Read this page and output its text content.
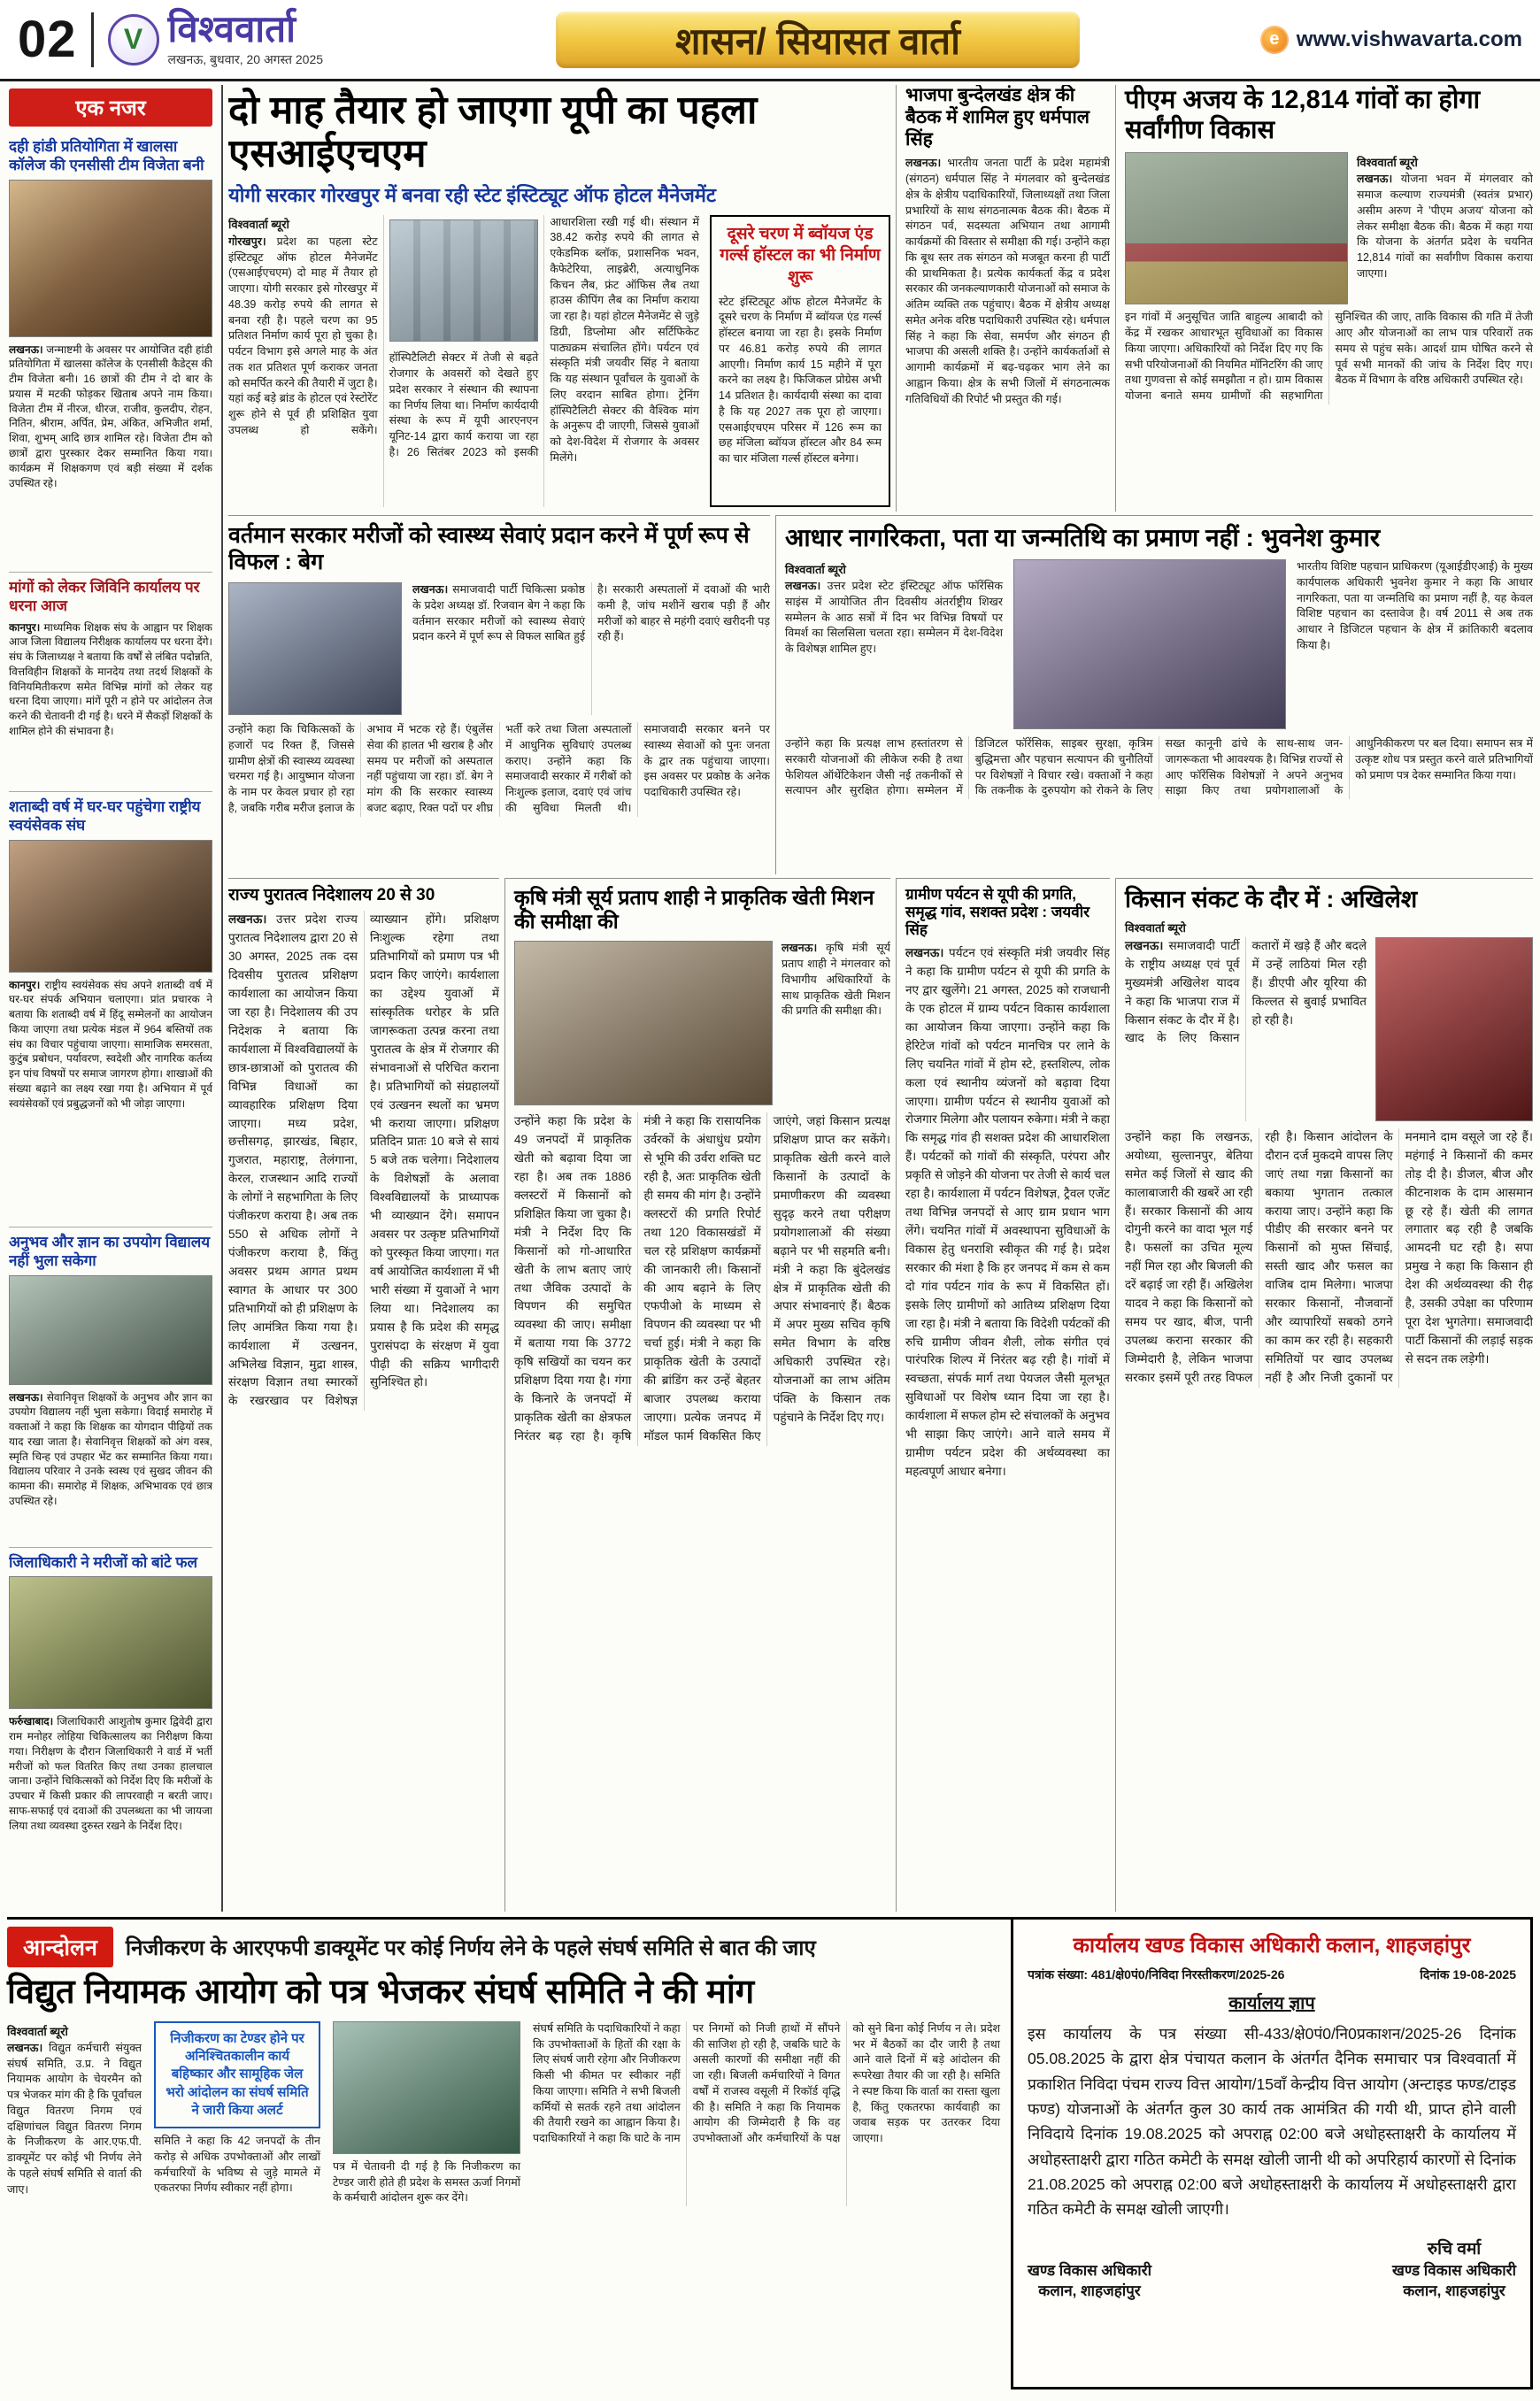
02	V विश्ववार्ता
लखनऊ, बुधवार, 20 अगस्त 2025	शासन/ सियासत वार्ता	e www.vishwavarta.com
एक नजर
दही हांडी प्रतियोगिता में खालसा कॉलेज की एनसीसी टीम विजेता बनी

लखनऊ। जन्माष्टमी के अवसर पर आयोजित दही हांडी प्रतियोगिता में खालसा कॉलेज के एनसीसी कैडेट्स की टीम विजेता बनी। 16 छात्रों की टीम ने दो बार के प्रयास में मटकी फोड़कर खिताब अपने नाम किया। विजेता टीम में नीरज, धीरज, राजीव, कुलदीप, रोहन, नितिन, श्रीराम, अर्पित, प्रेम, अंकित, अभिजीत शर्मा, शिवा, शुभम् आदि छात्र शामिल रहे। विजेता टीम को छात्रों द्वारा पुरस्कार देकर सम्मानित किया गया। कार्यक्रम में शिक्षकगण एवं बड़ी संख्या में दर्शक उपस्थित रहे।

मांगों को लेकर जिविनि कार्यालय पर धरना आज

कानपुर। माध्यमिक शिक्षक संघ के आह्वान पर शिक्षक आज जिला विद्यालय निरीक्षक कार्यालय पर धरना देंगे। संघ के जिलाध्यक्ष ने बताया कि वर्षों से लंबित पदोन्नति, वित्तविहीन शिक्षकों के मानदेय तथा तदर्थ शिक्षकों के विनियमितीकरण समेत विभिन्न मांगों को लेकर यह धरना दिया जाएगा। मांगें पूरी न होने पर आंदोलन तेज करने की चेतावनी दी गई है। धरने में सैकड़ों शिक्षकों के शामिल होने की संभावना है।

शताब्दी वर्ष में घर-घर पहुंचेगा राष्ट्रीय स्वयंसेवक संघ

कानपुर। राष्ट्रीय स्वयंसेवक संघ अपने शताब्दी वर्ष में घर-घर संपर्क अभियान चलाएगा। प्रांत प्रचारक ने बताया कि शताब्दी वर्ष में हिंदू सम्मेलनों का आयोजन किया जाएगा तथा प्रत्येक मंडल में 964 बस्तियों तक संघ का विचार पहुंचाया जाएगा। सामाजिक समरसता, कुटुंब प्रबोधन, पर्यावरण, स्वदेशी और नागरिक कर्तव्य इन पांच विषयों पर समाज जागरण होगा। शाखाओं की संख्या बढ़ाने का लक्ष्य रखा गया है। अभियान में पूर्व स्वयंसेवकों एवं प्रबुद्धजनों को भी जोड़ा जाएगा।

अनुभव और ज्ञान का उपयोग विद्यालय नहीं भुला सकेगा

लखनऊ। सेवानिवृत्त शिक्षकों के अनुभव और ज्ञान का उपयोग विद्यालय नहीं भुला सकेगा। विदाई समारोह में वक्ताओं ने कहा कि शिक्षक का योगदान पीढ़ियों तक याद रखा जाता है। सेवानिवृत्त शिक्षकों को अंग वस्त्र, स्मृति चिन्ह एवं उपहार भेंट कर सम्मानित किया गया। विद्यालय परिवार ने उनके स्वस्थ एवं सुखद जीवन की कामना की। समारोह में शिक्षक, अभिभावक एवं छात्र उपस्थित रहे।

जिलाधिकारी ने मरीजों को बांटे फल

फर्रुखाबाद। जिलाधिकारी आशुतोष कुमार द्विवेदी द्वारा राम मनोहर लोहिया चिकित्सालय का निरीक्षण किया गया। निरीक्षण के दौरान जिलाधिकारी ने वार्ड में भर्ती मरीजों को फल वितरित किए तथा उनका हालचाल जाना। उन्होंने चिकित्सकों को निर्देश दिए कि मरीजों के उपचार में किसी प्रकार की लापरवाही न बरती जाए। साफ-सफाई एवं दवाओं की उपलब्धता का भी जायजा लिया तथा व्यवस्था दुरुस्त रखने के निर्देश दिए।

दो माह तैयार हो जाएगा यूपी का पहला एसआईएचएम
योगी सरकार गोरखपुर में बनवा रही स्टेट इंस्टिट्यूट ऑफ होटल मैनेजमेंट
विश्ववार्ता ब्यूरो
गोरखपुर। प्रदेश का पहला स्टेट इंस्टिट्यूट ऑफ होटल मैनेजमेंट (एसआईएचएम) दो माह में तैयार हो जाएगा। योगी सरकार इसे गोरखपुर में 48.39 करोड़ रुपये की लागत से बनवा रही है। पहले चरण का 95 प्रतिशत निर्माण कार्य पूरा हो चुका है। पर्यटन विभाग इसे अगले माह के अंत तक शत प्रतिशत पूर्ण कराकर जनता को समर्पित करने की तैयारी में जुटा है। यहां कई बड़े ब्रांड के होटल एवं रेस्टोरेंट शुरू होने से पूर्व ही प्रशिक्षित युवा उपलब्ध हो सकेंगे।  हॉस्पिटैलिटी सेक्टर में तेजी से बढ़ते रोजगार के अवसरों को देखते हुए प्रदेश सरकार ने संस्थान की स्थापना का निर्णय लिया था। निर्माण कार्यदायी संस्था के रूप में यूपी आरएनएन यूनिट-14 द्वारा कार्य कराया जा रहा है। 26 सितंबर 2023 को इसकी आधारशिला रखी गई थी। संस्थान में 38.42 करोड़ रुपये की लागत से एकेडमिक ब्लॉक, प्रशासनिक भवन, कैफेटेरिया, लाइब्रेरी, अत्याधुनिक किचन लैब, फ्रंट ऑफिस लैब तथा हाउस कीपिंग लैब का निर्माण कराया जा रहा है। यहां होटल मैनेजमेंट से जुड़े डिग्री, डिप्लोमा और सर्टिफिकेट पाठ्यक्रम संचालित होंगे। पर्यटन एवं संस्कृति मंत्री जयवीर सिंह ने बताया कि यह संस्थान पूर्वांचल के युवाओं के लिए वरदान साबित होगा। ट्रेनिंग हॉस्पिटैलिटी सेक्टर की वैश्विक मांग के अनुरूप दी जाएगी, जिससे युवाओं को देश-विदेश में रोजगार के अवसर मिलेंगे।
दूसरे चरण में ब्वॉयज एंड गर्ल्स हॉस्टल का भी निर्माण शुरू

स्टेट इंस्टिट्यूट ऑफ होटल मैनेजमेंट के दूसरे चरण के निर्माण में ब्वॉयज एंड गर्ल्स हॉस्टल बनाया जा रहा है। इसके निर्माण पर 46.81 करोड़ रुपये की लागत आएगी। निर्माण कार्य 15 महीने में पूरा करने का लक्ष्य है। फिजिकल प्रोग्रेस अभी 14 प्रतिशत है। कार्यदायी संस्था का दावा है कि यह 2027 तक पूरा हो जाएगा। एसआईएचएम परिसर में 126 रूम का छह मंजिला ब्वॉयज हॉस्टल और 84 रूम का चार मंजिला गर्ल्स हॉस्टल बनेगा।

भाजपा बुन्देलखंड क्षेत्र की बैठक में शामिल हुए धर्मपाल सिंह

लखनऊ। भारतीय जनता पार्टी के प्रदेश महामंत्री (संगठन) धर्मपाल सिंह ने मंगलवार को बुन्देलखंड क्षेत्र के क्षेत्रीय पदाधिकारियों, जिलाध्यक्षों तथा जिला प्रभारियों के साथ संगठनात्मक बैठक की। बैठक में संगठन पर्व, सदस्यता अभियान तथा आगामी कार्यक्रमों की विस्तार से समीक्षा की गई। उन्होंने कहा कि बूथ स्तर तक संगठन को मजबूत करना ही पार्टी की प्राथमिकता है। प्रत्येक कार्यकर्ता केंद्र व प्रदेश सरकार की जनकल्याणकारी योजनाओं को समाज के अंतिम व्यक्ति तक पहुंचाए। बैठक में क्षेत्रीय अध्यक्ष समेत अनेक वरिष्ठ पदाधिकारी उपस्थित रहे। धर्मपाल सिंह ने कहा कि सेवा, समर्पण और संगठन ही भाजपा की असली शक्ति है। उन्होंने कार्यकर्ताओं से आगामी कार्यक्रमों में बढ़-चढ़कर भाग लेने का आह्वान किया। क्षेत्र के सभी जिलों में संगठनात्मक गतिविधियों की रिपोर्ट भी प्रस्तुत की गई।

पीएम अजय के 12,814 गांवों का होगा सर्वांगीण विकास
विश्ववार्ता ब्यूरो

लखनऊ। योजना भवन में मंगलवार को समाज कल्याण राज्यमंत्री (स्वतंत्र प्रभार) असीम अरुण ने 'पीएम अजय' योजना को लेकर समीक्षा बैठक की। बैठक में कहा गया कि योजना के अंतर्गत प्रदेश के चयनित 12,814 गांवों का सर्वांगीण विकास कराया जाएगा।

इन गांवों में अनुसूचित जाति बाहुल्य आबादी को केंद्र में रखकर आधारभूत सुविधाओं का विकास किया जाएगा। अधिकारियों को निर्देश दिए गए कि सभी परियोजनाओं की नियमित मॉनिटरिंग की जाए तथा गुणवत्ता से कोई समझौता न हो। ग्राम विकास योजना बनाते समय ग्रामीणों की सहभागिता सुनिश्चित की जाए, ताकि विकास की गति में तेजी आए और योजनाओं का लाभ पात्र परिवारों तक समय से पहुंच सके। आदर्श ग्राम घोषित करने से पूर्व सभी मानकों की जांच के निर्देश दिए गए। बैठक में विभाग के वरिष्ठ अधिकारी उपस्थित रहे।

वर्तमान सरकार मरीजों को स्वास्थ्य सेवाएं प्रदान करने में पूर्ण रूप से विफल : बेग

लखनऊ। समाजवादी पार्टी चिकित्सा प्रकोष्ठ के प्रदेश अध्यक्ष डॉ. रिजवान बेग ने कहा कि वर्तमान सरकार मरीजों को स्वास्थ्य सेवाएं प्रदान करने में पूर्ण रूप से विफल साबित हुई है। सरकारी अस्पतालों में दवाओं की भारी कमी है, जांच मशीनें खराब पड़ी हैं और मरीजों को बाहर से महंगी दवाएं खरीदनी पड़ रही हैं।

उन्होंने कहा कि चिकित्सकों के हजारों पद रिक्त हैं, जिससे ग्रामीण क्षेत्रों की स्वास्थ्य व्यवस्था चरमरा गई है। आयुष्मान योजना के नाम पर केवल प्रचार हो रहा है, जबकि गरीब मरीज इलाज के अभाव में भटक रहे हैं। एंबुलेंस सेवा की हालत भी खराब है और समय पर मरीजों को अस्पताल नहीं पहुंचाया जा रहा। डॉ. बेग ने मांग की कि सरकार स्वास्थ्य बजट बढ़ाए, रिक्त पदों पर शीघ्र भर्ती करे तथा जिला अस्पतालों में आधुनिक सुविधाएं उपलब्ध कराए। उन्होंने कहा कि समाजवादी सरकार में गरीबों को निःशुल्क इलाज, दवाएं एवं जांच की सुविधा मिलती थी। समाजवादी सरकार बनने पर स्वास्थ्य सेवाओं को पुनः जनता के द्वार तक पहुंचाया जाएगा। इस अवसर पर प्रकोष्ठ के अनेक पदाधिकारी उपस्थित रहे।

आधार नागरिकता, पता या जन्मतिथि का प्रमाण नहीं : भुवनेश कुमार
विश्ववार्ता ब्यूरो

लखनऊ। उत्तर प्रदेश स्टेट इंस्टिट्यूट ऑफ फॉरेंसिक साइंस में आयोजित तीन दिवसीय अंतर्राष्ट्रीय शिखर सम्मेलन के आठ सत्रों में दिन भर विभिन्न विषयों पर विमर्श का सिलसिला चलता रहा। सम्मेलन में देश-विदेश के विशेषज्ञ शामिल हुए।

भारतीय विशिष्ट पहचान प्राधिकरण (यूआईडीएआई) के मुख्य कार्यपालक अधिकारी भुवनेश कुमार ने कहा कि आधार नागरिकता, पता या जन्मतिथि का प्रमाण नहीं है, यह केवल विशिष्ट पहचान का दस्तावेज है। वर्ष 2011 से अब तक आधार ने डिजिटल पहचान के क्षेत्र में क्रांतिकारी बदलाव किया है।

उन्होंने कहा कि प्रत्यक्ष लाभ हस्तांतरण से सरकारी योजनाओं की लीकेज रुकी है तथा फेशियल ऑथेंटिकेशन जैसी नई तकनीकों से सत्यापन और सुरक्षित होगा। सम्मेलन में डिजिटल फॉरेंसिक, साइबर सुरक्षा, कृत्रिम बुद्धिमत्ता और पहचान सत्यापन की चुनौतियों पर विशेषज्ञों ने विचार रखे। वक्ताओं ने कहा कि तकनीक के दुरुपयोग को रोकने के लिए सख्त कानूनी ढांचे के साथ-साथ जन-जागरूकता भी आवश्यक है। विभिन्न राज्यों से आए फॉरेंसिक विशेषज्ञों ने अपने अनुभव साझा किए तथा प्रयोगशालाओं के आधुनिकीकरण पर बल दिया। समापन सत्र में उत्कृष्ट शोध पत्र प्रस्तुत करने वाले प्रतिभागियों को प्रमाण पत्र देकर सम्मानित किया गया।

राज्य पुरातत्व निदेशालय 20 से 30

लखनऊ। उत्तर प्रदेश राज्य पुरातत्व निदेशालय द्वारा 20 से 30 अगस्त, 2025 तक दस दिवसीय पुरातत्व प्रशिक्षण कार्यशाला का आयोजन किया जा रहा है। निदेशालय की उप निदेशक ने बताया कि कार्यशाला में विश्वविद्यालयों के छात्र-छात्राओं को पुरातत्व की विभिन्न विधाओं का व्यावहारिक प्रशिक्षण दिया जाएगा। मध्य प्रदेश, छत्तीसगढ़, झारखंड, बिहार, गुजरात, महाराष्ट्र, तेलंगाना, केरल, राजस्थान आदि राज्यों के लोगों ने सहभागिता के लिए पंजीकरण कराया है। अब तक 550 से अधिक लोगों ने पंजीकरण कराया है, किंतु अवसर प्रथम आगत प्रथम स्वागत के आधार पर 300 प्रतिभागियों को ही प्रशिक्षण के लिए आमंत्रित किया गया है। कार्यशाला में उत्खनन, अभिलेख विज्ञान, मुद्रा शास्त्र, संरक्षण विज्ञान तथा स्मारकों के रखरखाव पर विशेषज्ञ व्याख्यान होंगे। प्रशिक्षण निःशुल्क रहेगा तथा प्रतिभागियों को प्रमाण पत्र भी प्रदान किए जाएंगे। कार्यशाला का उद्देश्य युवाओं में सांस्कृतिक धरोहर के प्रति जागरूकता उत्पन्न करना तथा पुरातत्व के क्षेत्र में रोजगार की संभावनाओं से परिचित कराना है। प्रतिभागियों को संग्रहालयों एवं उत्खनन स्थलों का भ्रमण भी कराया जाएगा। प्रशिक्षण प्रतिदिन प्रातः 10 बजे से सायं 5 बजे तक चलेगा। निदेशालय के विशेषज्ञों के अलावा विश्वविद्यालयों के प्राध्यापक भी व्याख्यान देंगे। समापन अवसर पर उत्कृष्ट प्रतिभागियों को पुरस्कृत किया जाएगा। गत वर्ष आयोजित कार्यशाला में भी भारी संख्या में युवाओं ने भाग लिया था। निदेशालय का प्रयास है कि प्रदेश की समृद्ध पुरासंपदा के संरक्षण में युवा पीढ़ी की सक्रिय भागीदारी सुनिश्चित हो।

कृषि मंत्री सूर्य प्रताप शाही ने प्राकृतिक खेती मिशन की समीक्षा की

लखनऊ। कृषि मंत्री सूर्य प्रताप शाही ने मंगलवार को विभागीय अधिकारियों के साथ प्राकृतिक खेती मिशन की प्रगति की समीक्षा की।

उन्होंने कहा कि प्रदेश के 49 जनपदों में प्राकृतिक खेती को बढ़ावा दिया जा रहा है। अब तक 1886 क्लस्टरों में किसानों को प्रशिक्षित किया जा चुका है। मंत्री ने निर्देश दिए कि किसानों को गो-आधारित खेती के लाभ बताए जाएं तथा जैविक उत्पादों के विपणन की समुचित व्यवस्था की जाए। समीक्षा में बताया गया कि 3772 कृषि सखियों का चयन कर प्रशिक्षण दिया गया है। गंगा के किनारे के जनपदों में प्राकृतिक खेती का क्षेत्रफल निरंतर बढ़ रहा है। कृषि मंत्री ने कहा कि रासायनिक उर्वरकों के अंधाधुंध प्रयोग से भूमि की उर्वरा शक्ति घट रही है, अतः प्राकृतिक खेती ही समय की मांग है। उन्होंने क्लस्टरों की प्रगति रिपोर्ट तथा 120 विकासखंडों में चल रहे प्रशिक्षण कार्यक्रमों की जानकारी ली। किसानों की आय बढ़ाने के लिए एफपीओ के माध्यम से विपणन की व्यवस्था पर भी चर्चा हुई। मंत्री ने कहा कि प्राकृतिक खेती के उत्पादों की ब्रांडिंग कर उन्हें बेहतर बाजार उपलब्ध कराया जाएगा। प्रत्येक जनपद में मॉडल फार्म विकसित किए जाएंगे, जहां किसान प्रत्यक्ष प्रशिक्षण प्राप्त कर सकेंगे। प्राकृतिक खेती करने वाले किसानों के उत्पादों के प्रमाणीकरण की व्यवस्था सुदृढ़ करने तथा परीक्षण प्रयोगशालाओं की संख्या बढ़ाने पर भी सहमति बनी। मंत्री ने कहा कि बुंदेलखंड क्षेत्र में प्राकृतिक खेती की अपार संभावनाएं हैं। बैठक में अपर मुख्य सचिव कृषि समेत विभाग के वरिष्ठ अधिकारी उपस्थित रहे। योजनाओं का लाभ अंतिम पंक्ति के किसान तक पहुंचाने के निर्देश दिए गए।

ग्रामीण पर्यटन से यूपी की प्रगति, समृद्ध गांव, सशक्त प्रदेश : जयवीर सिंह

लखनऊ। पर्यटन एवं संस्कृति मंत्री जयवीर सिंह ने कहा कि ग्रामीण पर्यटन से यूपी की प्रगति के नए द्वार खुलेंगे। 21 अगस्त, 2025 को राजधानी के एक होटल में ग्राम्य पर्यटन विकास कार्यशाला का आयोजन किया जाएगा। उन्होंने कहा कि हेरिटेज गांवों को पर्यटन मानचित्र पर लाने के लिए चयनित गांवों में होम स्टे, हस्तशिल्प, लोक कला एवं स्थानीय व्यंजनों को बढ़ावा दिया जाएगा। ग्रामीण पर्यटन से स्थानीय युवाओं को रोजगार मिलेगा और पलायन रुकेगा। मंत्री ने कहा कि समृद्ध गांव ही सशक्त प्रदेश की आधारशिला हैं। पर्यटकों को गांवों की संस्कृति, परंपरा और प्रकृति से जोड़ने की योजना पर तेजी से कार्य चल रहा है। कार्यशाला में पर्यटन विशेषज्ञ, ट्रैवल एजेंट तथा विभिन्न जनपदों से आए ग्राम प्रधान भाग लेंगे। चयनित गांवों में अवस्थापना सुविधाओं के विकास हेतु धनराशि स्वीकृत की गई है। प्रदेश सरकार की मंशा है कि हर जनपद में कम से कम दो गांव पर्यटन गांव के रूप में विकसित हों। इसके लिए ग्रामीणों को आतिथ्य प्रशिक्षण दिया जा रहा है। मंत्री ने बताया कि विदेशी पर्यटकों की रुचि ग्रामीण जीवन शैली, लोक संगीत एवं पारंपरिक शिल्प में निरंतर बढ़ रही है। गांवों में स्वच्छता, संपर्क मार्ग तथा पेयजल जैसी मूलभूत सुविधाओं पर विशेष ध्यान दिया जा रहा है। कार्यशाला में सफल होम स्टे संचालकों के अनुभव भी साझा किए जाएंगे। आने वाले समय में ग्रामीण पर्यटन प्रदेश की अर्थव्यवस्था का महत्वपूर्ण आधार बनेगा।

किसान संकट के दौर में : अखिलेश
विश्ववार्ता ब्यूरो

लखनऊ। समाजवादी पार्टी के राष्ट्रीय अध्यक्ष एवं पूर्व मुख्यमंत्री अखिलेश यादव ने कहा कि भाजपा राज में किसान संकट के दौर में है। खाद के लिए किसान कतारों में खड़े हैं और बदले में उन्हें लाठियां मिल रही हैं। डीएपी और यूरिया की किल्लत से बुवाई प्रभावित हो रही है।

उन्होंने कहा कि लखनऊ, अयोध्या, सुल्तानपुर, बेतिया समेत कई जिलों से खाद की कालाबाजारी की खबरें आ रही हैं। सरकार किसानों की आय दोगुनी करने का वादा भूल गई है। फसलों का उचित मूल्य नहीं मिल रहा और बिजली की दरें बढ़ाई जा रही हैं। अखिलेश यादव ने कहा कि किसानों को समय पर खाद, बीज, पानी उपलब्ध कराना सरकार की जिम्मेदारी है, लेकिन भाजपा सरकार इसमें पूरी तरह विफल रही है। किसान आंदोलन के दौरान दर्ज मुकदमे वापस लिए जाएं तथा गन्ना किसानों का बकाया भुगतान तत्काल कराया जाए। उन्होंने कहा कि पीडीए की सरकार बनने पर किसानों को मुफ्त सिंचाई, सस्ती खाद और फसल का वाजिब दाम मिलेगा। भाजपा सरकार किसानों, नौजवानों और व्यापारियों सबको ठगने का काम कर रही है। सहकारी समितियों पर खाद उपलब्ध नहीं है और निजी दुकानों पर मनमाने दाम वसूले जा रहे हैं। महंगाई ने किसानों की कमर तोड़ दी है। डीजल, बीज और कीटनाशक के दाम आसमान छू रहे हैं। खेती की लागत लगातार बढ़ रही है जबकि आमदनी घट रही है। सपा प्रमुख ने कहा कि किसान ही देश की अर्थव्यवस्था की रीढ़ है, उसकी उपेक्षा का परिणाम पूरा देश भुगतेगा। समाजवादी पार्टी किसानों की लड़ाई सड़क से सदन तक लड़ेगी।

आन्दोलन	निजीकरण के आरएफपी डाक्यूमेंट पर कोई निर्णय लेने के पहले संघर्ष समिति से बात की जाए
विद्युत नियामक आयोग को पत्र भेजकर संघर्ष समिति ने की मांग
विश्ववार्ता ब्यूरो

लखनऊ। विद्युत कर्मचारी संयुक्त संघर्ष समिति, उ.प्र. ने विद्युत नियामक आयोग के चेयरमैन को पत्र भेजकर मांग की है कि पूर्वांचल विद्युत वितरण निगम एवं दक्षिणांचल विद्युत वितरण निगम के निजीकरण के आर.एफ.पी. डाक्यूमेंट पर कोई भी निर्णय लेने के पहले संघर्ष समिति से वार्ता की जाए।

निजीकरण का टेण्डर होने पर अनिश्चितकालीन कार्य बहिष्कार और सामूहिक जेल भरो आंदोलन का संघर्ष समिति ने जारी किया अलर्ट

समिति ने कहा कि 42 जनपदों के तीन करोड़ से अधिक उपभोक्ताओं और लाखों कर्मचारियों के भविष्य से जुड़े मामले में एकतरफा निर्णय स्वीकार नहीं होगा।

पत्र में चेतावनी दी गई है कि निजीकरण का टेण्डर जारी होते ही प्रदेश के समस्त ऊर्जा निगमों के कर्मचारी आंदोलन शुरू कर देंगे।

संघर्ष समिति के पदाधिकारियों ने कहा कि उपभोक्ताओं के हितों की रक्षा के लिए संघर्ष जारी रहेगा और निजीकरण किसी भी कीमत पर स्वीकार नहीं किया जाएगा। समिति ने सभी बिजली कर्मियों से सतर्क रहने तथा आंदोलन की तैयारी रखने का आह्वान किया है। पदाधिकारियों ने कहा कि घाटे के नाम पर निगमों को निजी हाथों में सौंपने की साजिश हो रही है, जबकि घाटे के असली कारणों की समीक्षा नहीं की जा रही। बिजली कर्मचारियों ने विगत वर्षों में राजस्व वसूली में रिकॉर्ड वृद्धि की है। समिति ने कहा कि नियामक आयोग की जिम्मेदारी है कि वह उपभोक्ताओं और कर्मचारियों के पक्ष को सुने बिना कोई निर्णय न ले। प्रदेश भर में बैठकों का दौर जारी है तथा आने वाले दिनों में बड़े आंदोलन की रूपरेखा तैयार की जा रही है। समिति ने स्पष्ट किया कि वार्ता का रास्ता खुला है, किंतु एकतरफा कार्यवाही का जवाब सड़क पर उतरकर दिया जाएगा।

कार्यालय खण्ड विकास अधिकारी कलान, शाहजहांपुर
पत्रांक संख्या: 481/क्षे0पं0/निविदा निरस्तीकरण/2025-26	दिनांक 19-08-2025
कार्यालय ज्ञाप

इस कार्यालय के पत्र संख्या सी-433/क्षे0पं0/नि0प्रकाशन/2025-26 दिनांक 05.08.2025 के द्वारा क्षेत्र पंचायत कलान के अंतर्गत दैनिक समाचार पत्र विश्ववार्ता में प्रकाशित निविदा पंचम राज्य वित्त आयोग/15वाँ केन्द्रीय वित्त आयोग (अन्टाइड फण्ड/टाइड फण्ड) योजनाओं के अंतर्गत कुल 30 कार्य तक आमंत्रित की गयी थी, प्राप्त होने वाली निविदाये दिनांक 19.08.2025 को अपराह्न 02:00 बजे अधोहस्ताक्षरी के कार्यालय में अधोहस्ताक्षरी द्वारा गठित कमेटी के समक्ष खोली जानी थी को अपरिहार्य कारणों से दिनांक 21.08.2025 को अपराह्न 02:00 बजे अधोहस्ताक्षरी के कार्यालय में अधोहस्ताक्षरी द्वारा गठित कमेटी के समक्ष खोली जाएगी।

खण्ड विकास अधिकारी
कलान, शाहजहांपुर
रुचि वर्मा
खण्ड विकास अधिकारी
कलान, शाहजहांपुर
